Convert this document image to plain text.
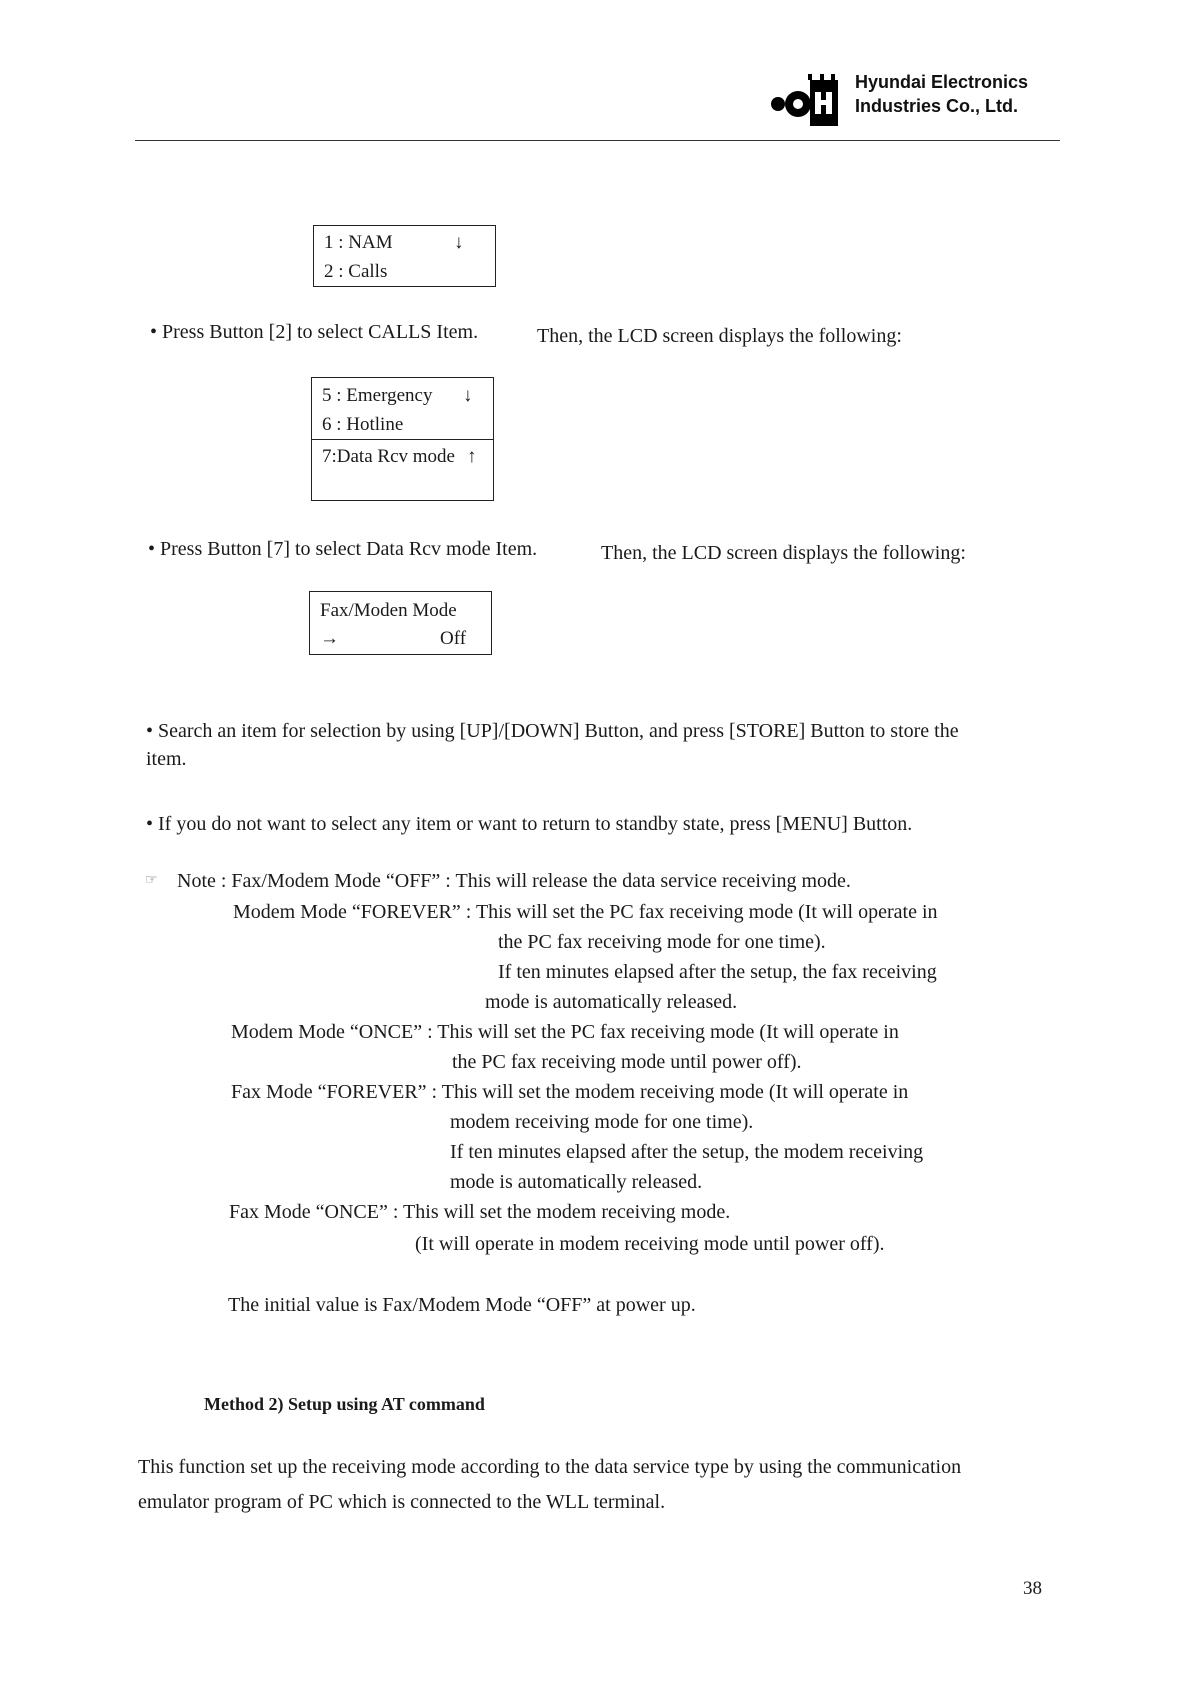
Hyundai Electronics
Industries Co., Ltd.
1 : NAM	↓
2 : Calls
• Press Button [2] to select CALLS Item.	Then, the LCD screen displays the following:
5 : Emergency ↓
6 : Hotline
7:Data Rcv mode ↑
• Press Button [7] to select Data Rcv mode Item.	Then, the LCD screen displays the following:
Fax/Moden Mode
→	Off
• Search an item for selection by using [UP]/[DOWN] Button, and press [STORE] Button to store the
item.
• If you do not want to select any item or want to return to standby state, press [MENU] Button.
☞ Note : Fax/Modem Mode “OFF” : This will release the data service receiving mode.
Modem Mode “FOREVER” : This will set the PC fax receiving mode (It will operate in
the PC fax receiving mode for one time).
If ten minutes elapsed after the setup, the fax receiving
mode is automatically released.
Modem Mode “ONCE” : This will set the PC fax receiving mode (It will operate in
the PC fax receiving mode until power off).
Fax Mode “FOREVER” : This will set the modem receiving mode (It will operate in
modem receiving mode for one time).
If ten minutes elapsed after the setup, the modem receiving
mode is automatically released.
Fax Mode “ONCE” : This will set the modem receiving mode.
(It will operate in modem receiving mode until power off).
The initial value is Fax/Modem Mode “OFF” at power up.
Method 2) Setup using AT command
This function set up the receiving mode according to the data service type by using the communication
emulator program of PC which is connected to the WLL terminal.
38
